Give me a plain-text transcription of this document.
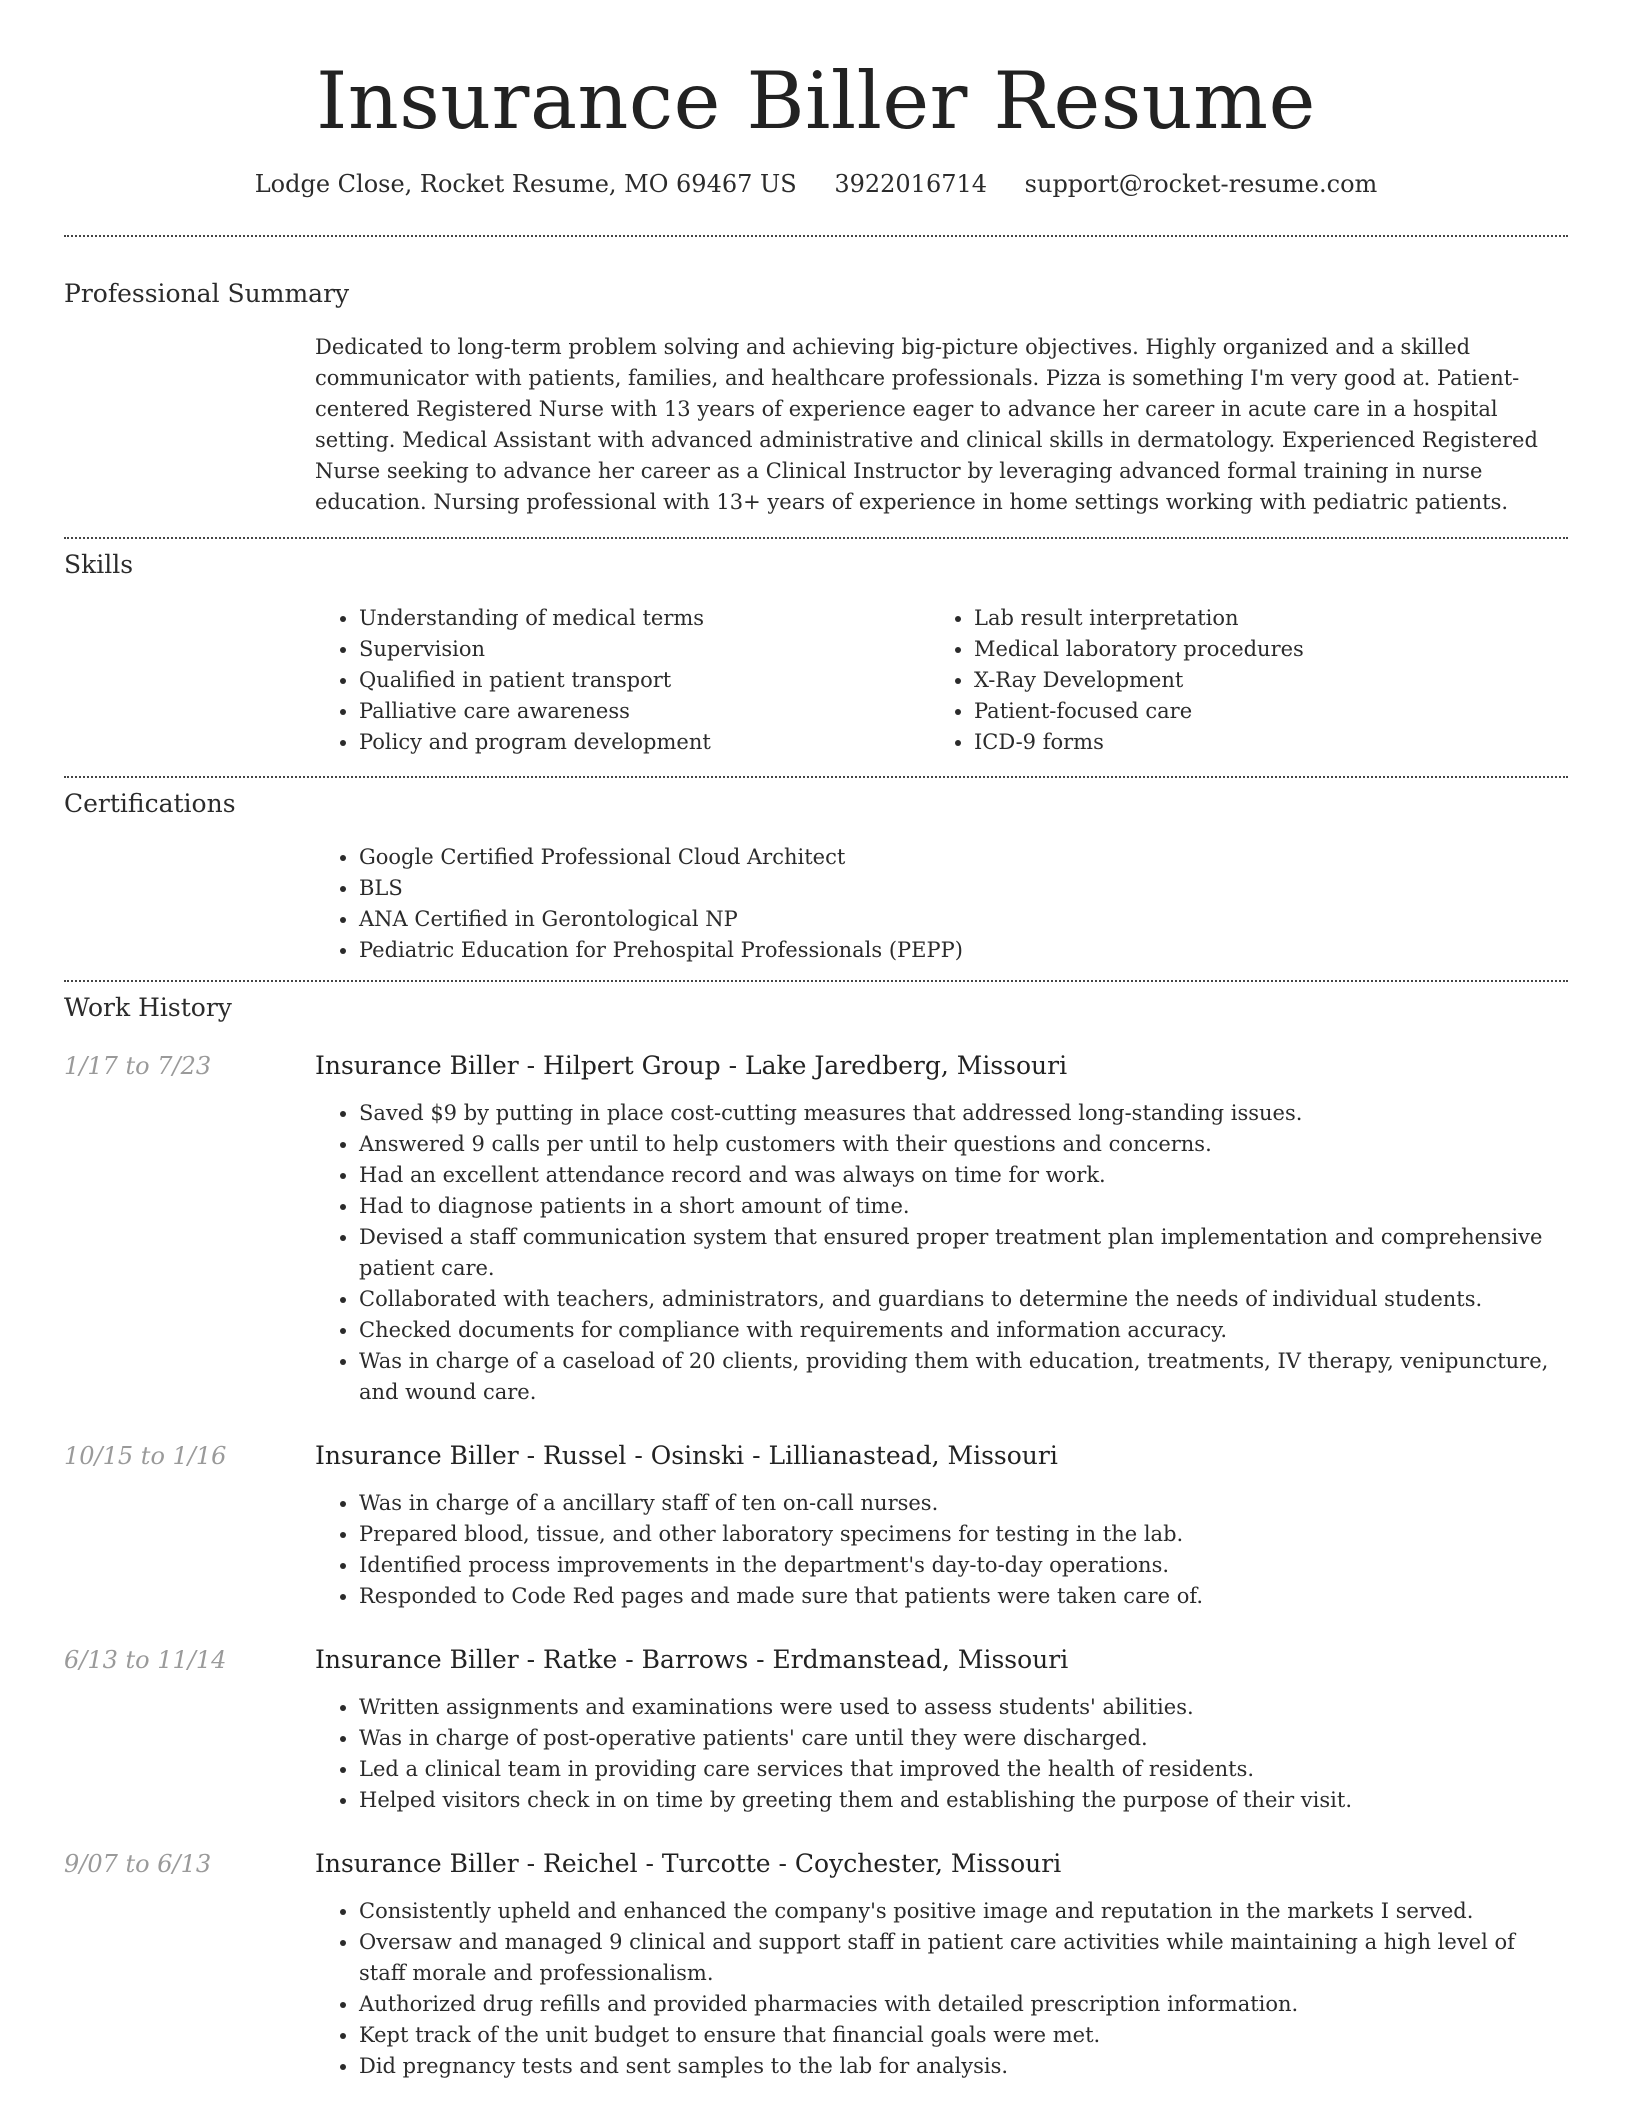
Insurance Biller Resume
Lodge Close, Rocket Resume, MO 69467 US 3922016714 support@rocket-resume.com
Professional Summary

Dedicated to long-term problem solving and achieving big-picture objectives. Highly organized and a skilled communicator with patients, families, and healthcare professionals. Pizza is something I'm very good at. Patient-centered Registered Nurse with 13 years of experience eager to advance her career in acute care in a hospital setting. Medical Assistant with advanced administrative and clinical skills in dermatology. Experienced Registered Nurse seeking to advance her career as a Clinical Instructor by leveraging advanced formal training in nurse education. Nursing professional with 13+ years of experience in home settings working with pediatric patients.

Skills
• Understanding of medical terms
• Supervision
• Qualified in patient transport
• Palliative care awareness
• Policy and program development
• Lab result interpretation
• Medical laboratory procedures
• X-Ray Development
• Patient-focused care
• ICD-9 forms
Certifications
• Google Certified Professional Cloud Architect
• BLS
• ANA Certified in Gerontological NP
• Pediatric Education for Prehospital Professionals (PEPP)
Work History
1/17 to 7/23	Insurance Biller - Hilpert Group - Lake Jaredberg, Missouri
• Saved $9 by putting in place cost-cutting measures that addressed long-standing issues.
• Answered 9 calls per until to help customers with their questions and concerns.
• Had an excellent attendance record and was always on time for work.
• Had to diagnose patients in a short amount of time.
• Devised a staff communication system that ensured proper treatment plan implementation and comprehensive patient care.
• Collaborated with teachers, administrators, and guardians to determine the needs of individual students.
• Checked documents for compliance with requirements and information accuracy.
• Was in charge of a caseload of 20 clients, providing them with education, treatments, IV therapy, venipuncture, and wound care.
10/15 to 1/16	Insurance Biller - Russel - Osinski - Lillianastead, Missouri
• Was in charge of a ancillary staff of ten on-call nurses.
• Prepared blood, tissue, and other laboratory specimens for testing in the lab.
• Identified process improvements in the department's day-to-day operations.
• Responded to Code Red pages and made sure that patients were taken care of.
6/13 to 11/14	Insurance Biller - Ratke - Barrows - Erdmanstead, Missouri
• Written assignments and examinations were used to assess students' abilities.
• Was in charge of post-operative patients' care until they were discharged.
• Led a clinical team in providing care services that improved the health of residents.
• Helped visitors check in on time by greeting them and establishing the purpose of their visit.
9/07 to 6/13	Insurance Biller - Reichel - Turcotte - Coychester, Missouri
• Consistently upheld and enhanced the company's positive image and reputation in the markets I served.
• Oversaw and managed 9 clinical and support staff in patient care activities while maintaining a high level of staff morale and professionalism.
• Authorized drug refills and provided pharmacies with detailed prescription information.
• Kept track of the unit budget to ensure that financial goals were met.
• Did pregnancy tests and sent samples to the lab for analysis.
